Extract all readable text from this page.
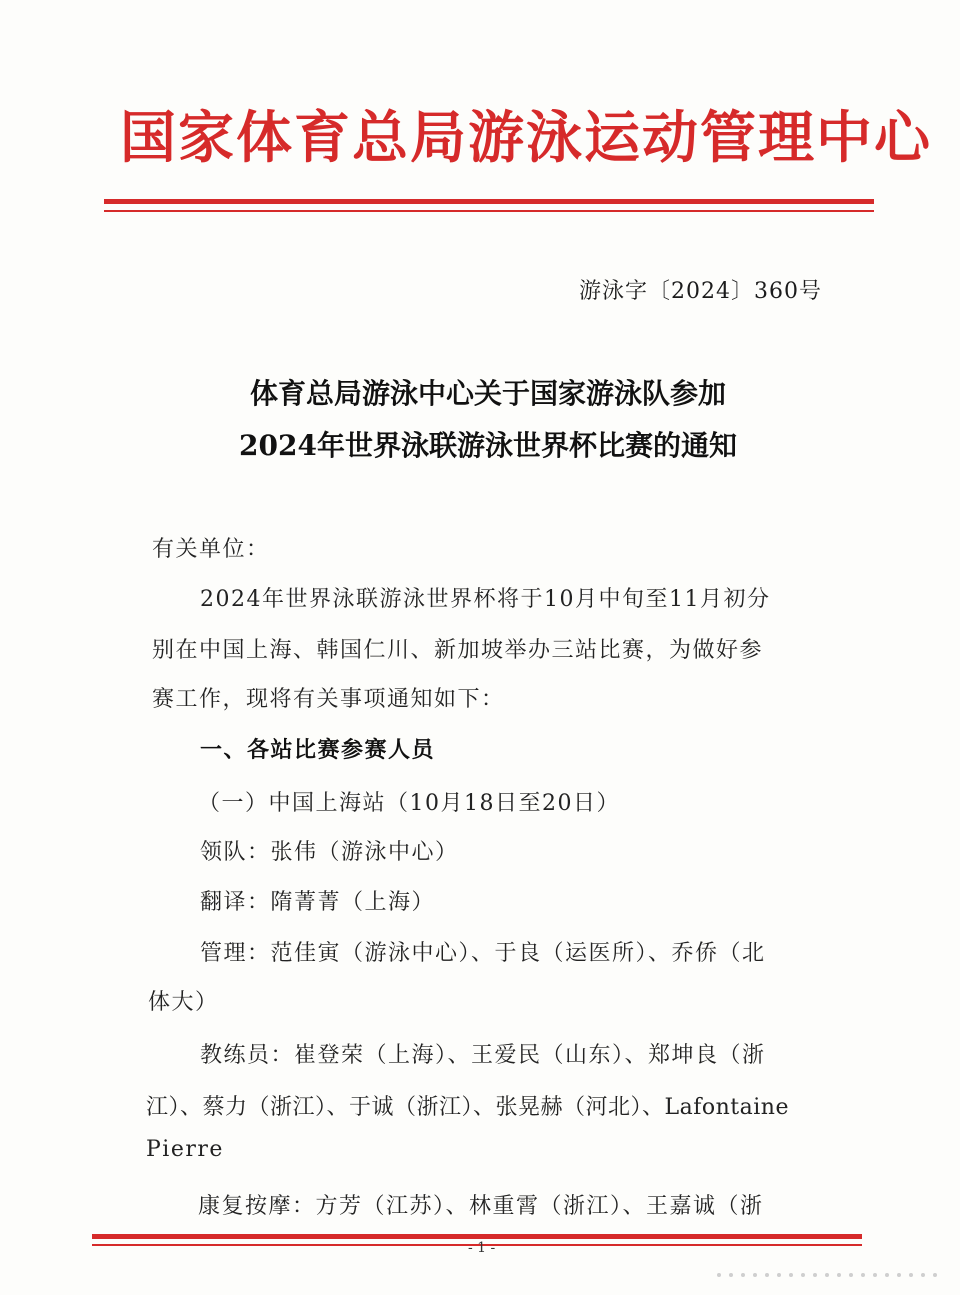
国家体育总局游泳运动管理中心
游泳字〔2024〕360号
体育总局游泳中心关于国家游泳队参加
2024年世界泳联游泳世界杯比赛的通知
有关单位：
2024年世界泳联游泳世界杯将于10月中旬至11月初分
别在中国上海、韩国仁川、新加坡举办三站比赛，为做好参
赛工作，现将有关事项通知如下：
一、各站比赛参赛人员
（一）中国上海站（10月18日至20日）
领队：张伟（游泳中心）
翻译：隋菁菁（上海）
管理：范佳寅（游泳中心）、于良（运医所）、乔侨（北
体大）
教练员：崔登荣（上海）、王爱民（山东）、郑坤良（浙
江）、蔡力（浙江）、于诚（浙江）、张晃赫（河北）、Lafontaine
Pierre
康复按摩：方芳（江苏）、林重霄（浙江）、王嘉诚（浙
- 1 -
